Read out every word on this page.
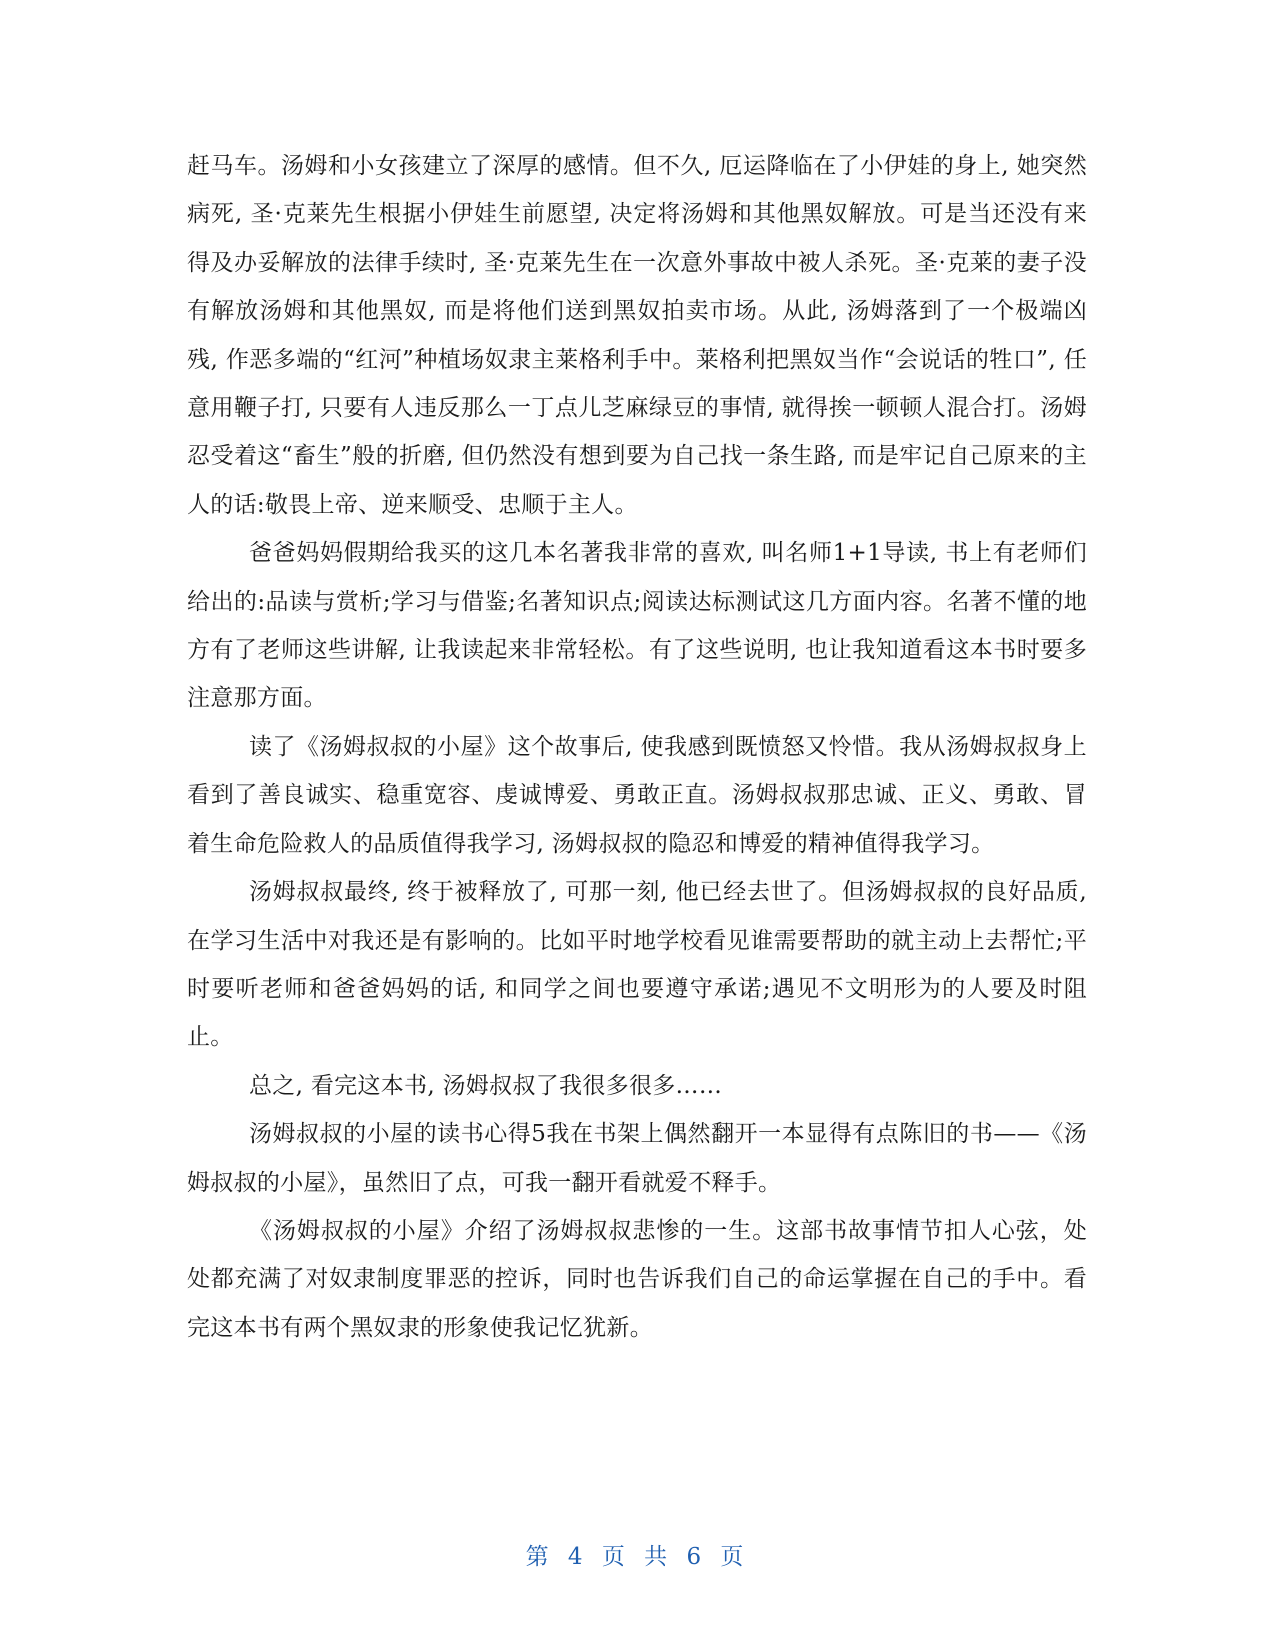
赶马车。汤姆和小女孩建立了深厚的感情。但不久, 厄运降临在了小伊娃的身上, 她突然病死, 圣·克莱先生根据小伊娃生前愿望, 决定将汤姆和其他黑奴解放。可是当还没有来得及办妥解放的法律手续时, 圣·克莱先生在一次意外事故中被人杀死。圣·克莱的妻子没有解放汤姆和其他黑奴, 而是将他们送到黑奴拍卖市场。从此, 汤姆落到了一个极端凶残, 作恶多端的“红河”种植场奴隶主莱格利手中。莱格利把黑奴当作“会说话的牲口”, 任意用鞭子打, 只要有人违反那么一丁点儿芝麻绿豆的事情, 就得挨一顿顿人混合打。汤姆忍受着这“畜生”般的折磨, 但仍然没有想到要为自己找一条生路, 而是牢记自己原来的主人的话:敬畏上帝、逆来顺受、忠顺于主人。

爸爸妈妈假期给我买的这几本名著我非常的喜欢, 叫名师1+1导读, 书上有老师们给出的:品读与赏析;学习与借鉴;名著知识点;阅读达标测试这几方面内容。名著不懂的地方有了老师这些讲解, 让我读起来非常轻松。有了这些说明, 也让我知道看这本书时要多注意那方面。

读了《汤姆叔叔的小屋》这个故事后, 使我感到既愤怒又怜惜。我从汤姆叔叔身上看到了善良诚实、稳重宽容、虔诚博爱、勇敢正直。汤姆叔叔那忠诚、正义、勇敢、冒着生命危险救人的品质值得我学习, 汤姆叔叔的隐忍和博爱的精神值得我学习。

汤姆叔叔最终, 终于被释放了, 可那一刻, 他已经去世了。但汤姆叔叔的良好品质, 在学习生活中对我还是有影响的。比如平时地学校看见谁需要帮助的就主动上去帮忙;平时要听老师和爸爸妈妈的话, 和同学之间也要遵守承诺;遇见不文明形为的人要及时阻止。

总之, 看完这本书, 汤姆叔叔了我很多很多……

汤姆叔叔的小屋的读书心得5我在书架上偶然翻开一本显得有点陈旧的书——《汤姆叔叔的小屋》，虽然旧了点，可我一翻开看就爱不释手。

《汤姆叔叔的小屋》介绍了汤姆叔叔悲惨的一生。这部书故事情节扣人心弦，处处都充满了对奴隶制度罪恶的控诉，同时也告诉我们自己的命运掌握在自己的手中。看完这本书有两个黑奴隶的形象使我记忆犹新。

第 4 页 共 6 页
